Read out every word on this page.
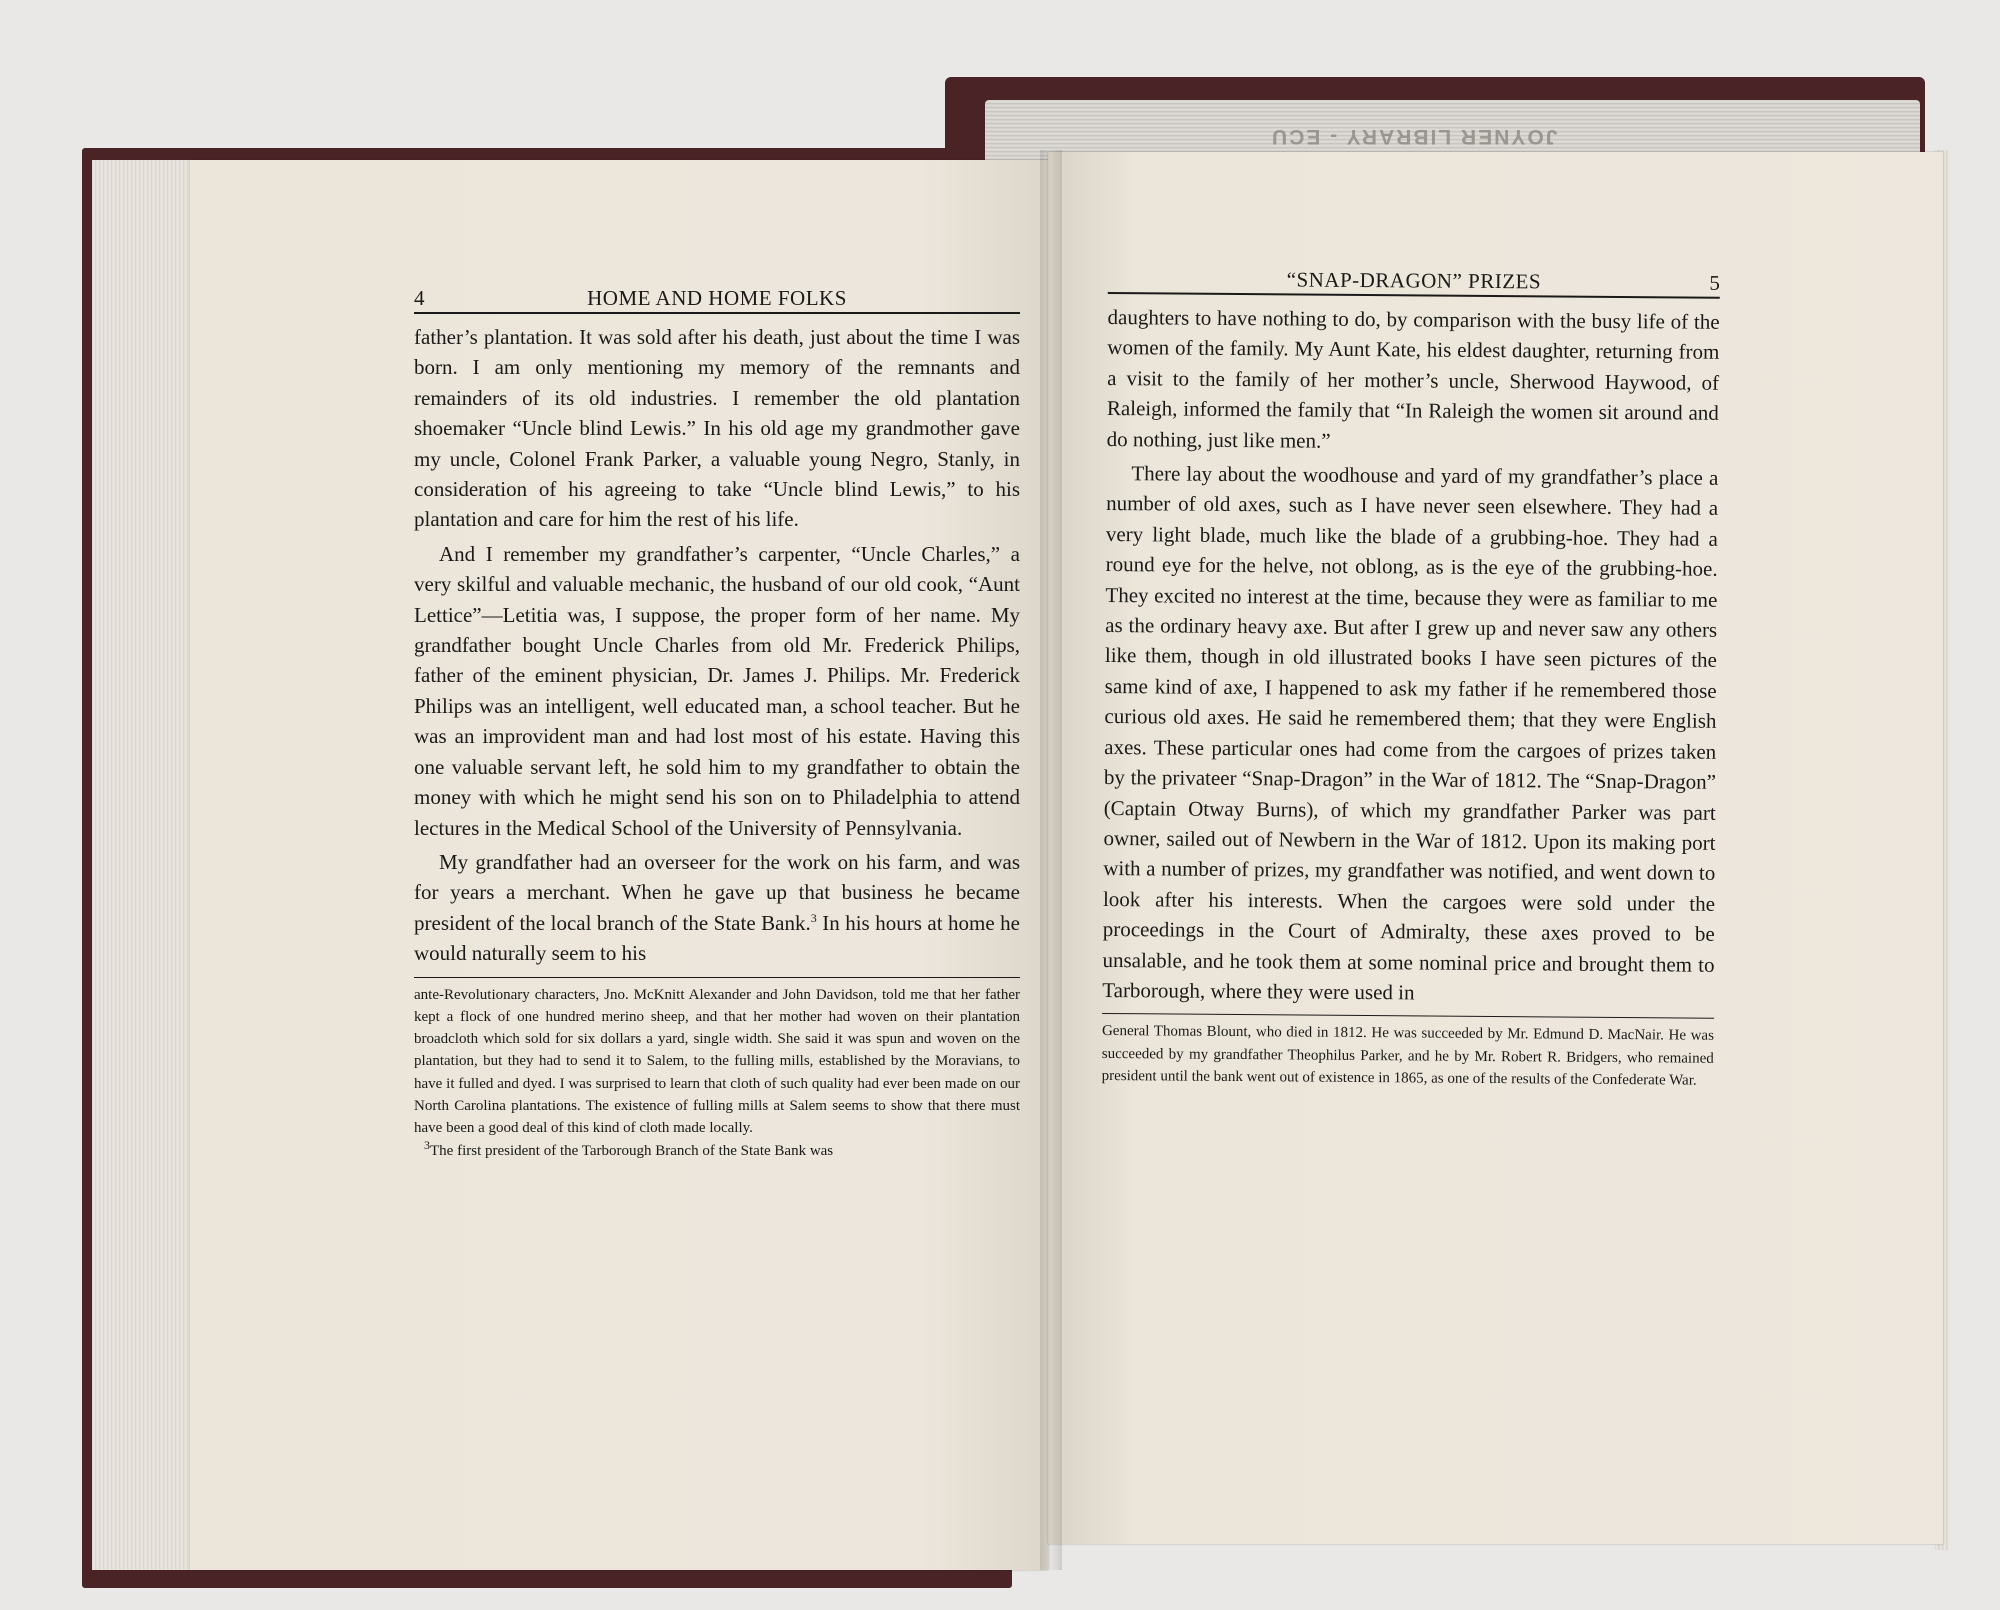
JOYNER LIBRARY - ECU
4	HOME AND HOME FOLKS

father’s plantation. It was sold after his death, just about the time I was born. I am only mentioning my memory of the remnants and remainders of its old industries. I remember the old plantation shoemaker “Uncle blind Lewis.” In his old age my grandmother gave my uncle, Colonel Frank Parker, a valuable young Negro, Stanly, in consideration of his agreeing to take “Uncle blind Lewis,” to his plantation and care for him the rest of his life.

And I remember my grandfather’s carpenter, “Uncle Charles,” a very skilful and valuable mechanic, the husband of our old cook, “Aunt Lettice”—Letitia was, I suppose, the proper form of her name. My grandfather bought Uncle Charles from old Mr. Frederick Philips, father of the eminent physician, Dr. James J. Philips. Mr. Frederick Philips was an intelligent, well educated man, a school teacher. But he was an improvident man and had lost most of his estate. Having this one valuable servant left, he sold him to my grandfather to obtain the money with which he might send his son on to Philadelphia to attend lectures in the Medical School of the University of Pennsylvania.

My grandfather had an overseer for the work on his farm, and was for years a merchant. When he gave up that business he became president of the local branch of the State Bank.$^3$ In his hours at home he would naturally seem to his

ante-Revolutionary characters, Jno. McKnitt Alexander and John Davidson, told me that her father kept a flock of one hundred merino sheep, and that her mother had woven on their plantation broadcloth which sold for six dollars a yard, single width. She said it was spun and woven on the plantation, but they had to send it to Salem, to the fulling mills, established by the Moravians, to have it fulled and dyed. I was surprised to learn that cloth of such quality had ever been made on our North Carolina plantations. The existence of fulling mills at Salem seems to show that there must have been a good deal of this kind of cloth made locally.

$^3$The first president of the Tarborough Branch of the State Bank was

“SNAP-DRAGON” PRIZES	5

daughters to have nothing to do, by comparison with the busy life of the women of the family. My Aunt Kate, his eldest daughter, returning from a visit to the family of her mother’s uncle, Sherwood Haywood, of Raleigh, informed the family that “In Raleigh the women sit around and do nothing, just like men.”

There lay about the woodhouse and yard of my grandfather’s place a number of old axes, such as I have never seen elsewhere. They had a very light blade, much like the blade of a grubbing-hoe. They had a round eye for the helve, not oblong, as is the eye of the grubbing-hoe. They excited no interest at the time, because they were as familiar to me as the ordinary heavy axe. But after I grew up and never saw any others like them, though in old illustrated books I have seen pictures of the same kind of axe, I happened to ask my father if he remembered those curious old axes. He said he remembered them; that they were English axes. These particular ones had come from the cargoes of prizes taken by the privateer “Snap-Dragon” in the War of 1812. The “Snap-Dragon” (Captain Otway Burns), of which my grandfather Parker was part owner, sailed out of Newbern in the War of 1812. Upon its making port with a number of prizes, my grandfather was notified, and went down to look after his interests. When the cargoes were sold under the proceedings in the Court of Admiralty, these axes proved to be unsalable, and he took them at some nominal price and brought them to Tarborough, where they were used in

General Thomas Blount, who died in 1812. He was succeeded by Mr. Edmund D. MacNair. He was succeeded by my grandfather Theophilus Parker, and he by Mr. Robert R. Bridgers, who remained president until the bank went out of existence in 1865, as one of the results of the Confederate War.
